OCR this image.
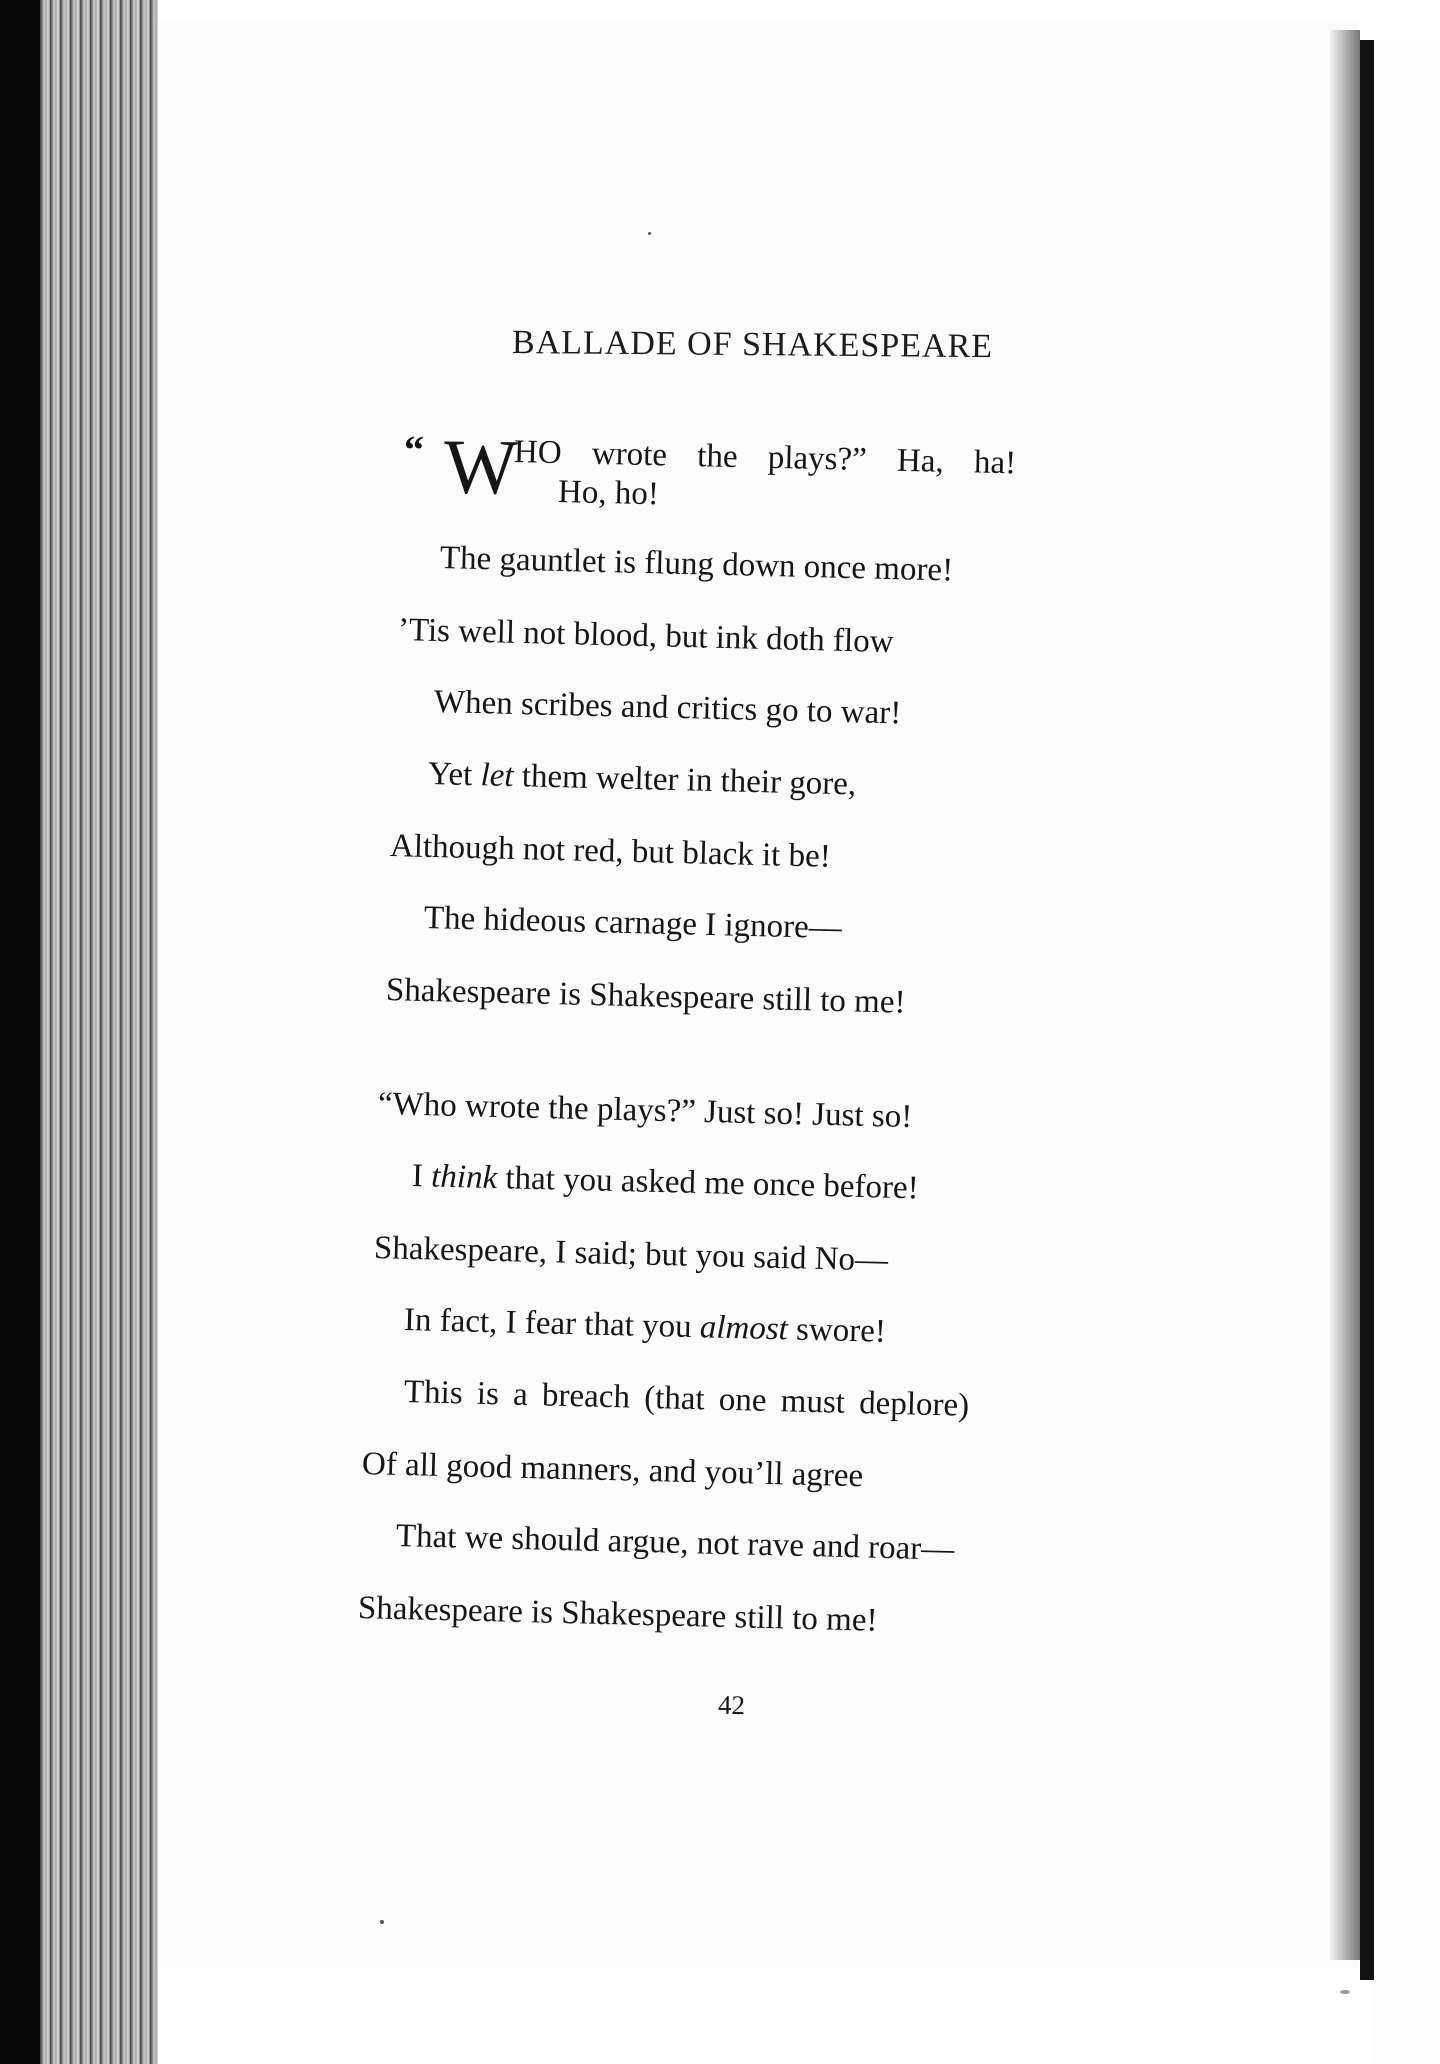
BALLADE OF SHAKESPEARE
“ W
HO wrote the plays?” Ha, ha!
Ho, ho!
The gauntlet is flung down once more!
’Tis well not blood, but ink doth flow
When scribes and critics go to war!
Yet let them welter in their gore,
Although not red, but black it be!
The hideous carnage I ignore—
Shakespeare is Shakespeare still to me!
“Who wrote the plays?” Just so! Just so!
I think that you asked me once before!
Shakespeare, I said; but you said No—
In fact, I fear that you almost swore!
This is a breach (that one must deplore)
Of all good manners, and you’ll agree
That we should argue, not rave and roar—
Shakespeare is Shakespeare still to me!
42
